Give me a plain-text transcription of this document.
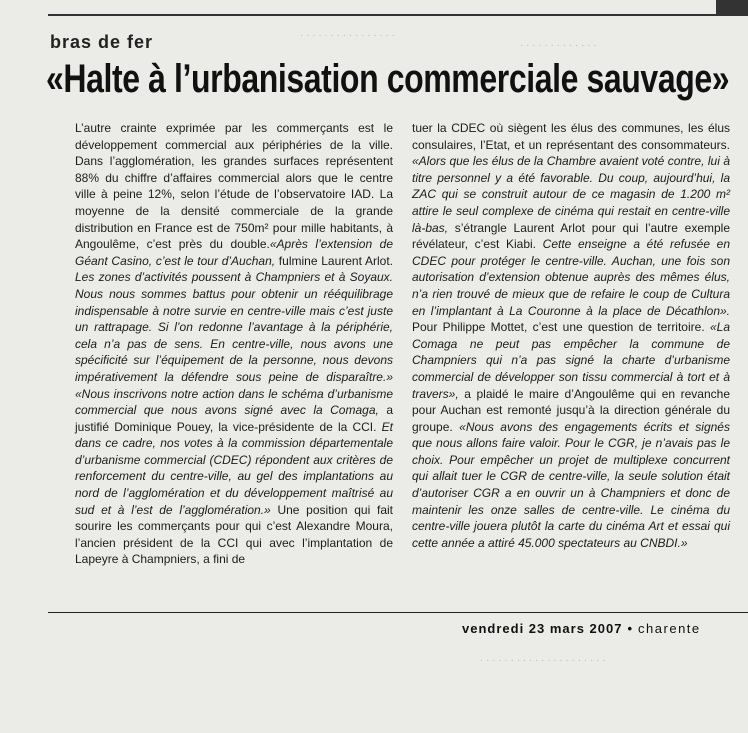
· · · · · · · · · · · · · · · ·
· · · · · · · · · · · · ·
· · · · · · · · · · · · · · · · · · · · ·
bras de fer
«Halte à l’urbanisation commerciale sauvage»

L’autre crainte exprimée par les commerçants est le développement commercial aux périphéries de la ville. Dans l’agglomération, les grandes surfaces représentent 88% du chiffre d’affaires commercial alors que le centre ville à peine 12%, selon l’étude de l’observatoire IAD. La moyenne de la densité commerciale de la grande distribution en France est de 750m² pour mille habitants, à Angoulême, c’est près du double.«Après l’extension de Géant Casino, c’est le tour d’Auchan, fulmine Laurent Arlot. Les zones d’activités poussent à Champniers et à Soyaux. Nous nous sommes battus pour obtenir un rééquilibrage indispensable à notre survie en centre-ville mais c’est juste un rattrapage. Si l’on redonne l’avantage à la périphérie, cela n’a pas de sens. En centre-ville, nous avons une spécificité sur l’équipement de la personne, nous devons impérativement la défendre sous peine de disparaître.» «Nous inscrivons notre action dans le schéma d’urbanisme commercial que nous avons signé avec la Comaga, a justifié Dominique Pouey, la vice-présidente de la CCI. Et dans ce cadre, nos votes à la commission départementale d’urbanisme commercial (CDEC) répondent aux critères de renforcement du centre-ville, au gel des implantations au nord de l’agglomération et du développement maîtrisé au sud et à l’est de l’agglomération.» Une position qui fait sourire les commerçants pour qui c’est Alexandre Moura, l’ancien président de la CCI qui avec l’implantation de Lapeyre à Champniers, a fini de

tuer la CDEC où siègent les élus des communes, les élus consulaires, l’Etat, et un représentant des consommateurs. «Alors que les élus de la Chambre avaient voté contre, lui à titre personnel y a été favorable. Du coup, aujourd’hui, la ZAC qui se construit autour de ce magasin de 1.200 m² attire le seul complexe de cinéma qui restait en centre-ville là-bas, s’étrangle Laurent Arlot pour qui l’autre exemple révélateur, c’est Kiabi. Cette enseigne a été refusée en CDEC pour protéger le centre-ville. Auchan, une fois son autorisation d’extension obtenue auprès des mêmes élus, n’a rien trouvé de mieux que de refaire le coup de Cultura en l’implantant à La Couronne à la place de Décathlon». Pour Philippe Mottet, c’est une question de territoire. «La Comaga ne peut pas empêcher la commune de Champniers qui n’a pas signé la charte d’urbanisme commercial de développer son tissu commercial à tort et à travers», a plaidé le maire d’Angoulême qui en revanche pour Auchan est remonté jusqu’à la direction générale du groupe. «Nous avons des engagements écrits et signés que nous allons faire valoir. Pour le CGR, je n’avais pas le choix. Pour empêcher un projet de multiplexe concurrent qui allait tuer le CGR de centre-ville, la seule solution était d’autoriser CGR a en ouvrir un à Champniers et donc de maintenir les onze salles de centre-ville. Le cinéma du centre-ville jouera plutôt la carte du cinéma Art et essai qui cette année a attiré 45.000 spectateurs au CNBDI.»

vendredi 23 mars 2007 • charente
